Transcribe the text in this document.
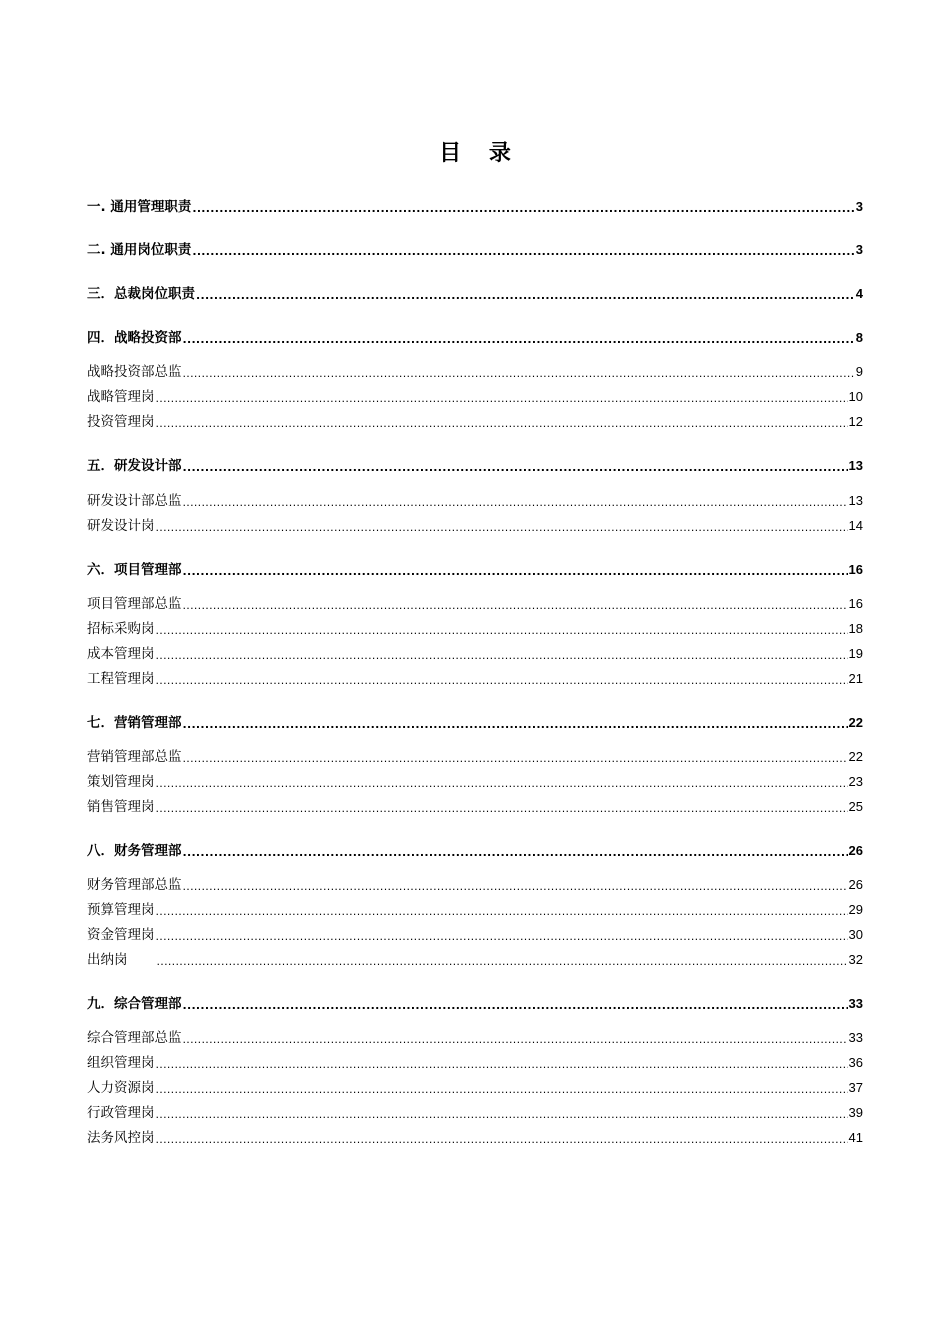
目 录
一. 通用管理职责 .....	3
二. 通用岗位职责 .....	3
三．总裁岗位职责 .....	4
四．战略投资部 .....	8
战略投资部总监 .....	9
战略管理岗 .....	10
投资管理岗 .....	12
五．研发设计部 .....	13
研发设计部总监 .....	13
研发设计岗 .....	14
六．项目管理部 .....	16
项目管理部总监 .....	16
招标采购岗 .....	18
成本管理岗 .....	19
工程管理岗 .....	21
七．营销管理部 .....	22
营销管理部总监 .....	22
策划管理岗 .....	23
销售管理岗 .....	25
八．财务管理部 .....	26
财务管理部总监 .....	26
预算管理岗 .....	29
资金管理岗 .....	30
出纳岗 .....	32
九．综合管理部 .....	33
综合管理部总监 .....	33
组织管理岗 .....	36
人力资源岗 .....	37
行政管理岗 .....	39
法务风控岗 .....	41
